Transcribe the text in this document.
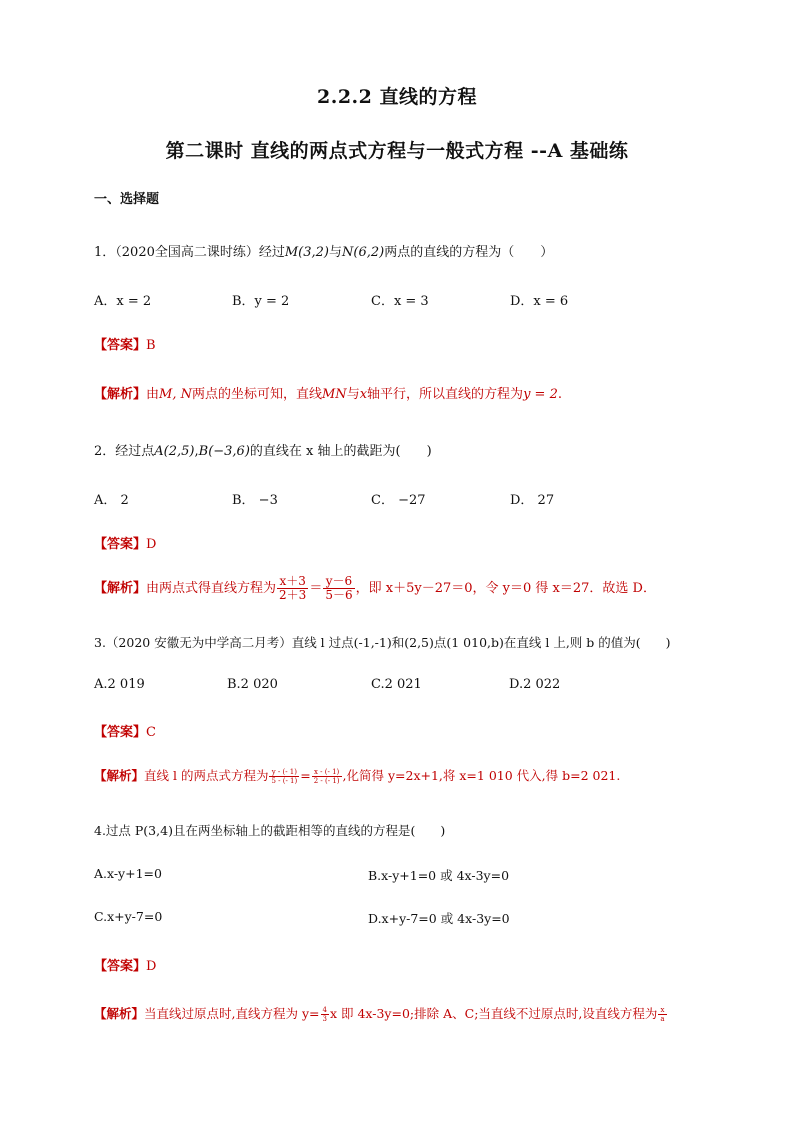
2.2.2 直线的方程
第二课时 直线的两点式方程与一般式方程 --A 基础练
一、选择题
1．（2020全国高二课时练）经过M(3,2)与N(6,2)两点的直线的方程为（　　）
A．x = 2	B．y = 2	C．x = 3	D．x = 6
【答案】B
【解析】由M, N两点的坐标可知，直线MN与x轴平行，所以直线的方程为y = 2.
2．经过点A(2,5),B(−3,6)的直线在 x 轴上的截距为(　　)
A． 2	B． −3	C． −27	D． 27
【答案】D
【解析】由两点式得直线方程为 $\frac{x+3}{2+3} = \frac{y-6}{5-6}$ ，即 x＋5y－27＝0，令 y＝0 得 x＝27．故选 D．
3.（2020 安徽无为中学高二月考）直线 l 过点(-1,-1)和(2,5)点(1 010,b)在直线 l 上,则 b 的值为(　　)
A.2 019	B.2 020	C.2 021	D.2 022
【答案】C
【解析】直线 l 的两点式方程为 $\frac{y - (- 1)}{5 - (- 1)} = \frac{x - (- 1)}{2 - (- 1)}$ ,化简得 y=2x+1,将 x=1 010 代入,得 b=2 021.
4.过点 P(3,4)且在两坐标轴上的截距相等的直线的方程是(　　)
A.x-y+1=0	B.x-y+1=0 或 4x-3y=0
C.x+y-7=0	D.x+y-7=0 或 4x-3y=0
【答案】D
【解析】当直线过原点时,直线方程为 $y= \frac{4}{3}$ x 即 4x-3y=0;排除 A、C;当直线不过原点时,设直线方程为 $\frac{x}{a}$
